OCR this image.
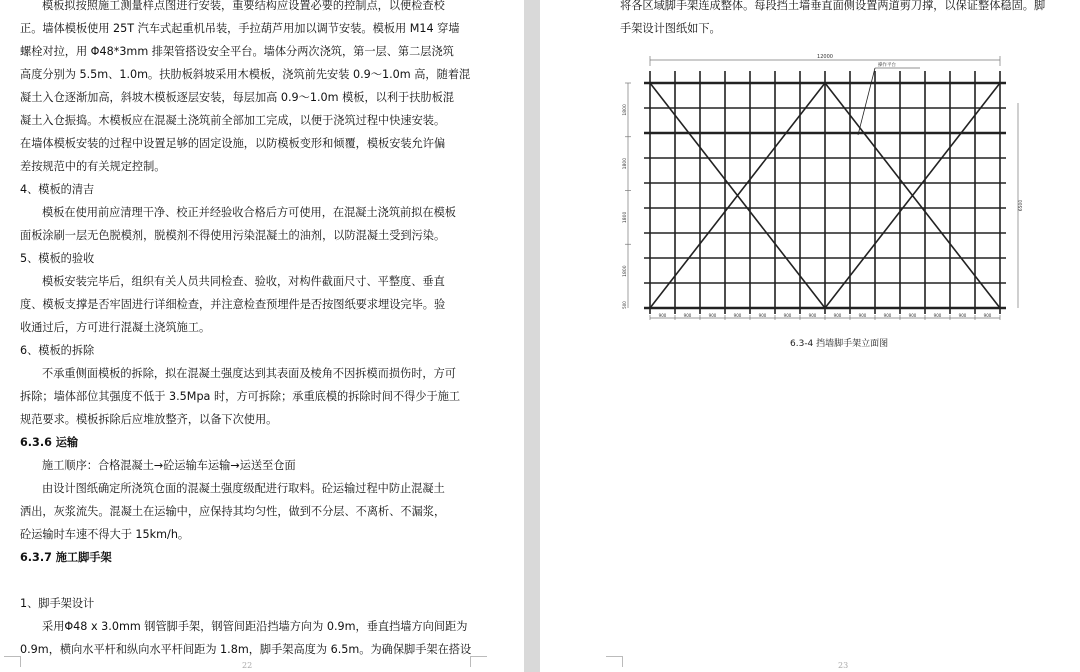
模板拟按照施工测量样点图进行安装，重要结构应设置必要的控制点，以便检查校

正。墙体模板使用 25T 汽车式起重机吊装，手拉葫芦用加以调节安装。模板用 M14 穿墙

螺栓对拉，用 Φ48*3mm 排架管搭设安全平台。墙体分两次浇筑，第一层、第二层浇筑

高度分别为 5.5m、1.0m。扶肋板斜坡采用木模板，浇筑前先安装 0.9～1.0m 高，随着混

凝土入仓逐渐加高，斜坡木模板逐层安装，每层加高 0.9～1.0m 模板，以利于扶肋板混

凝土入仓振捣。木模板应在混凝土浇筑前全部加工完成，以便于浇筑过程中快速安装。

在墙体模板安装的过程中设置足够的固定设施，以防模板变形和倾覆，模板安装允许偏

差按规范中的有关规定控制。

4、模板的清吉

模板在使用前应清理干净、校正并经验收合格后方可使用，在混凝土浇筑前拟在模板

面板涂刷一层无色脱模剂，脱模剂不得使用污染混凝土的油剂，以防混凝土受到污染。

5、模板的验收

模板安装完毕后，组织有关人员共同检查、验收，对构件截面尺寸、平整度、垂直

度、模板支撑是否牢固进行详细检查，并注意检查预埋件是否按图纸要求埋设完毕。验

收通过后，方可进行混凝土浇筑施工。

6、模板的拆除

不承重侧面模板的拆除，拟在混凝土强度达到其表面及棱角不因拆模而损伤时，方可

拆除；墙体部位其强度不低于 3.5Mpa 时，方可拆除；承重底模的拆除时间不得少于施工

规范要求。模板拆除后应堆放整齐，以备下次使用。

6.3.6 运输

施工顺序：合格混凝土→砼运输车运输→运送至仓面

由设计图纸确定所浇筑仓面的混凝土强度级配进行取料。砼运输过程中防止混凝土

洒出，灰浆流失。混凝土在运输中，应保持其均匀性，做到不分层、不离析、不漏浆，

砼运输时车速不得大于 15km/h。

6.3.7 施工脚手架

1、脚手架设计

采用Φ48 x 3.0mm 钢管脚手架，钢管间距沿挡墙方向为 0.9m，垂直挡墙方向间距为

0.9m，横向水平杆和纵向水平杆间距为 1.8m，脚手架高度为 6.5m。为确保脚手架在搭设

22

将各区域脚手架连成整体。每段挡土墙垂直面侧设置两道剪刀撑，以保证整体稳固。脚

手架设计图纸如下。

12000
操作平台
1800
1800
1800
1800
500
6500
900	900	900	900	900	900	900	900	900	900	900	900	900	900
6.3-4 挡墙脚手架立面图
23
